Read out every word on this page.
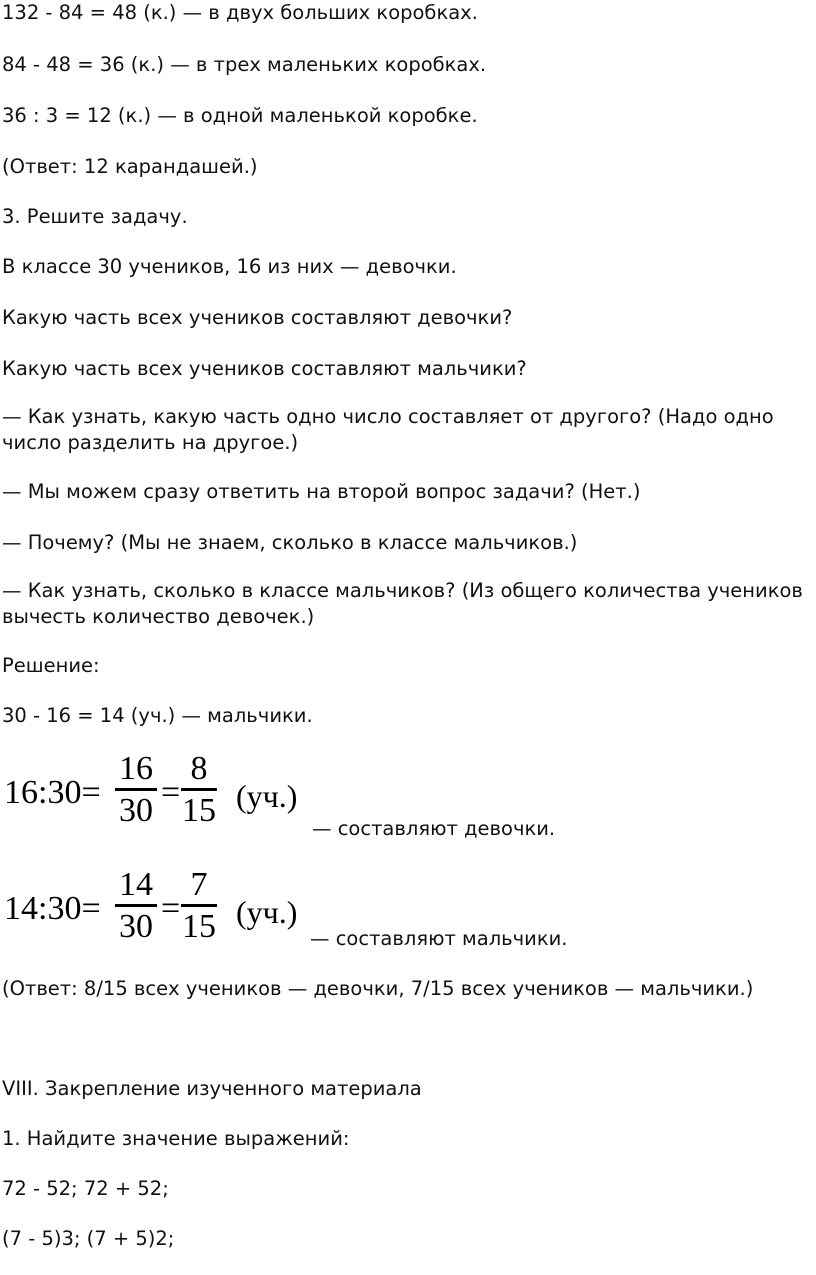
132 - 84 = 48 (к.) — в двух больших коробках.
84 - 48 = 36 (к.) — в трех маленьких коробках.
36 : 3 = 12 (к.) — в одной маленькой коробке.
(Ответ: 12 карандашей.)
3. Решите задачу.
В классе 30 учеников, 16 из них — девочки.
Какую часть всех учеников составляют девочки?
Какую часть всех учеников составляют мальчики?
— Как узнать, какую часть одно число составляет от другого? (Надо одно число разделить на другое.)
— Мы можем сразу ответить на второй вопрос задачи? (Нет.)
— Почему? (Мы не знаем, сколько в классе мальчиков.)
— Как узнать, сколько в классе мальчиков? (Из общего количества учеников вычесть количество девочек.)
Решение:
30 - 16 = 14 (уч.) — мальчики.
16:30=
16
30 =
8
15 (уч.)
— составляют девочки.
14:30=
14
30 =
7
15 (уч.)
— составляют мальчики.
(Ответ: 8/15 всех учеников — девочки, 7/15 всех учеников — мальчики.)
VIII. Закрепление изученного материала
1. Найдите значение выражений:
72 - 52; 72 + 52;
(7 - 5)3; (7 + 5)2;
